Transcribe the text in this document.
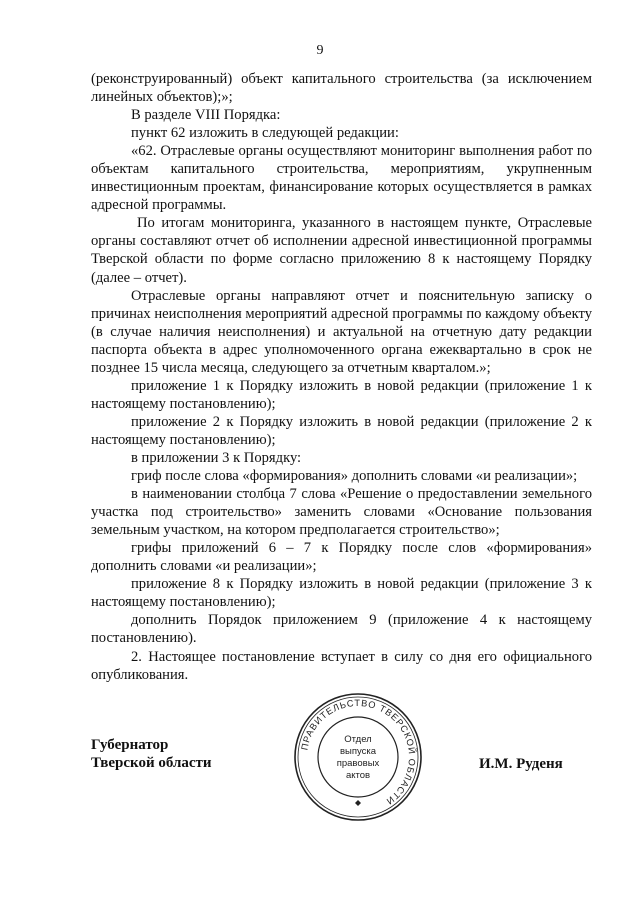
9

(реконструированный) объект капитального строительства (за исключением линейных объектов);»;

В разделе VIII Порядка:

пункт 62 изложить в следующей редакции:

«62. Отраслевые органы осуществляют мониторинг выполнения работ по объектам капитального строительства, мероприятиям, укрупненным инвестиционным проектам, финансирование которых осуществляется в рамках адресной программы.

По итогам мониторинга, указанного в настоящем пункте, Отраслевые органы составляют отчет об исполнении адресной инвестиционной программы Тверской области по форме согласно приложению 8 к настоящему Порядку (далее – отчет).

Отраслевые органы направляют отчет и пояснительную записку о причинах неисполнения мероприятий адресной программы по каждому объекту (в случае наличия неисполнения) и актуальной на отчетную дату редакции паспорта объекта в адрес уполномоченного органа ежеквартально в срок не позднее 15 числа месяца, следующего за отчетным кварталом.»;

приложение 1 к Порядку изложить в новой редакции (приложение 1 к настоящему постановлению);

приложение 2 к Порядку изложить в новой редакции (приложение 2 к настоящему постановлению);

в приложении 3 к Порядку:

гриф после слова «формирования» дополнить словами «и реализации»;

в наименовании столбца 7 слова «Решение о предоставлении земельного участка под строительство» заменить словами «Основание пользования земельным участком, на котором предполагается строительство»;

грифы приложений 6 – 7 к Порядку после слов «формирования» дополнить словами «и реализации»;

приложение 8 к Порядку изложить в новой редакции (приложение 3 к настоящему постановлению);

дополнить Порядок приложением 9 (приложение 4 к настоящему постановлению).

2. Настоящее постановление вступает в силу со дня его официального опубликования.

Губернатор
Тверской области	И.М. Руденя
ПРАВИТЕЛЬСТВО ТВЕРСКОЙ ОБЛАСТИ
Отдел
выпуска
правовых
актов
